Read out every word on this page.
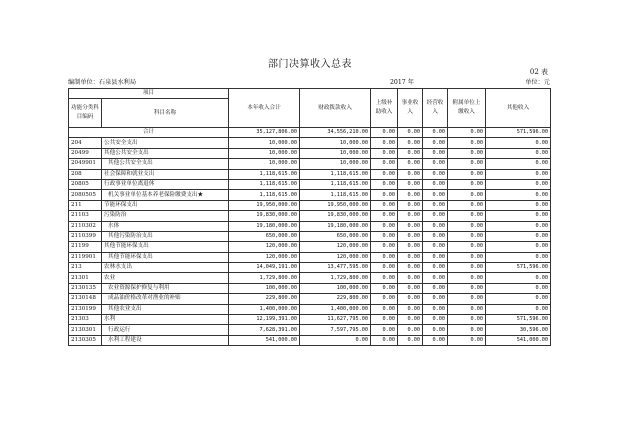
部门决算收入总表
02 表
编制单位：石泉县水利局	2017 年	单位：元
项目		本年收入合计	财政拨款收入	上级补助收入	事业收入	经营收入	附属单位上缴收入	其他收入
功能分类科目编码	科目名称							

合计		35,127,806.00	34,556,210.00	0.00	0.00	0.00	0.00	571,596.00
204	公共安全支出	10,000.00	10,000.00	0.00	0.00	0.00	0.00	0.00
20499	其他公共安全支出	10,000.00	10,000.00	0.00	0.00	0.00	0.00	0.00
2049901	其他公共安全支出	10,000.00	10,000.00	0.00	0.00	0.00	0.00	0.00
208	社会保障和就业支出	1,118,615.00	1,118,615.00	0.00	0.00	0.00	0.00	0.00
20805	行政事业单位离退休	1,118,615.00	1,118,615.00	0.00	0.00	0.00	0.00	0.00
2080505	机关事业单位基本养老保险缴费支出★	1,118,615.00	1,118,615.00	0.00	0.00	0.00	0.00	0.00
211	节能环保支出	19,950,000.00	19,950,000.00	0.00	0.00	0.00	0.00	0.00
21103	污染防治	19,830,000.00	19,830,000.00	0.00	0.00	0.00	0.00	0.00
2110302	水体	19,180,000.00	19,180,000.00	0.00	0.00	0.00	0.00	0.00
2110399	其他污染防治支出	650,000.00	650,000.00	0.00	0.00	0.00	0.00	0.00
21199	其他节能环保支出	120,000.00	120,000.00	0.00	0.00	0.00	0.00	0.00
2119901	其他节能环保支出	120,000.00	120,000.00	0.00	0.00	0.00	0.00	0.00
213	农林水支出	14,049,191.00	13,477,595.00	0.00	0.00	0.00	0.00	571,596.00
21301	农业	1,729,800.00	1,729,800.00	0.00	0.00	0.00	0.00	0.00
2130135	农业资源保护修复与利用	100,000.00	100,000.00	0.00	0.00	0.00	0.00	0.00
2130148	成品油价格改革对渔业的补贴	229,800.00	229,800.00	0.00	0.00	0.00	0.00	0.00
2130199	其他农业支出	1,400,000.00	1,400,000.00	0.00	0.00	0.00	0.00	0.00
21303	水利	12,199,391.00	11,627,795.00	0.00	0.00	0.00	0.00	571,596.00
2130301	行政运行	7,628,391.00	7,597,795.00	0.00	0.00	0.00	0.00	30,596.00
2130305	水利工程建设	541,000.00	0.00	0.00	0.00	0.00	0.00	541,000.00
